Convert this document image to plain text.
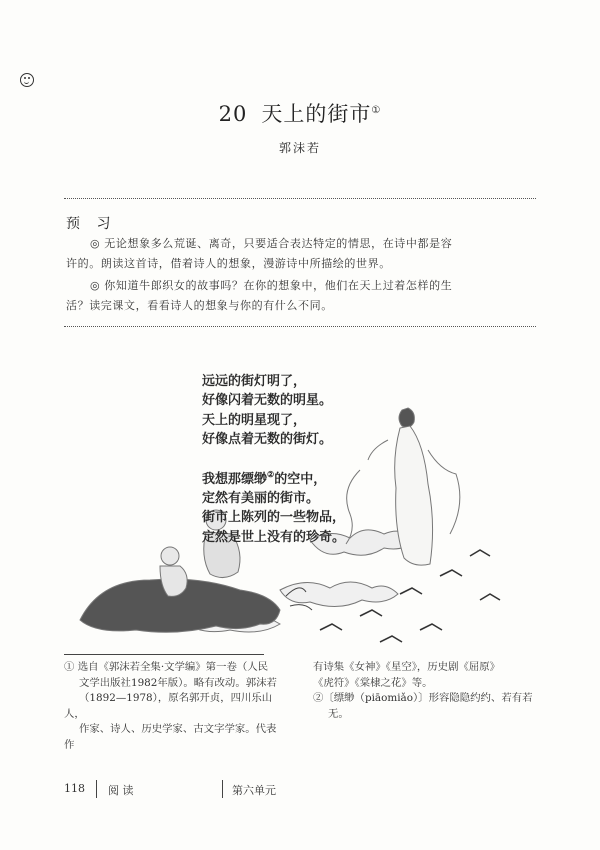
20 天上的街市①
郭沫若
预 习
◎ 无论想象多么荒诞、离奇，只要适合表达特定的情思，在诗中都是容
许的。朗读这首诗，借着诗人的想象，漫游诗中所描绘的世界。
◎ 你知道牛郎织女的故事吗？在你的想象中，他们在天上过着怎样的生
活？读完课文，看看诗人的想象与你的有什么不同。
远远的街灯明了，
好像闪着无数的明星。
天上的明星现了，
好像点着无数的街灯。
我想那缥缈②的空中，
定然有美丽的街市。
街市上陈列的一些物品，
定然是世上没有的珍奇。
① 选自《郭沫若全集·文学编》第一卷（人民
文学出版社1982年版）。略有改动。郭沫若
（1892—1978），原名郭开贞，四川乐山人，
作家、诗人、历史学家、古文字学家。代表作
有诗集《女神》《星空》，历史剧《屈原》
《虎符》《棠棣之花》等。
②〔缥缈（piāomiǎo）〕形容隐隐约约、若有若
无。
118 阅 读	第六单元
